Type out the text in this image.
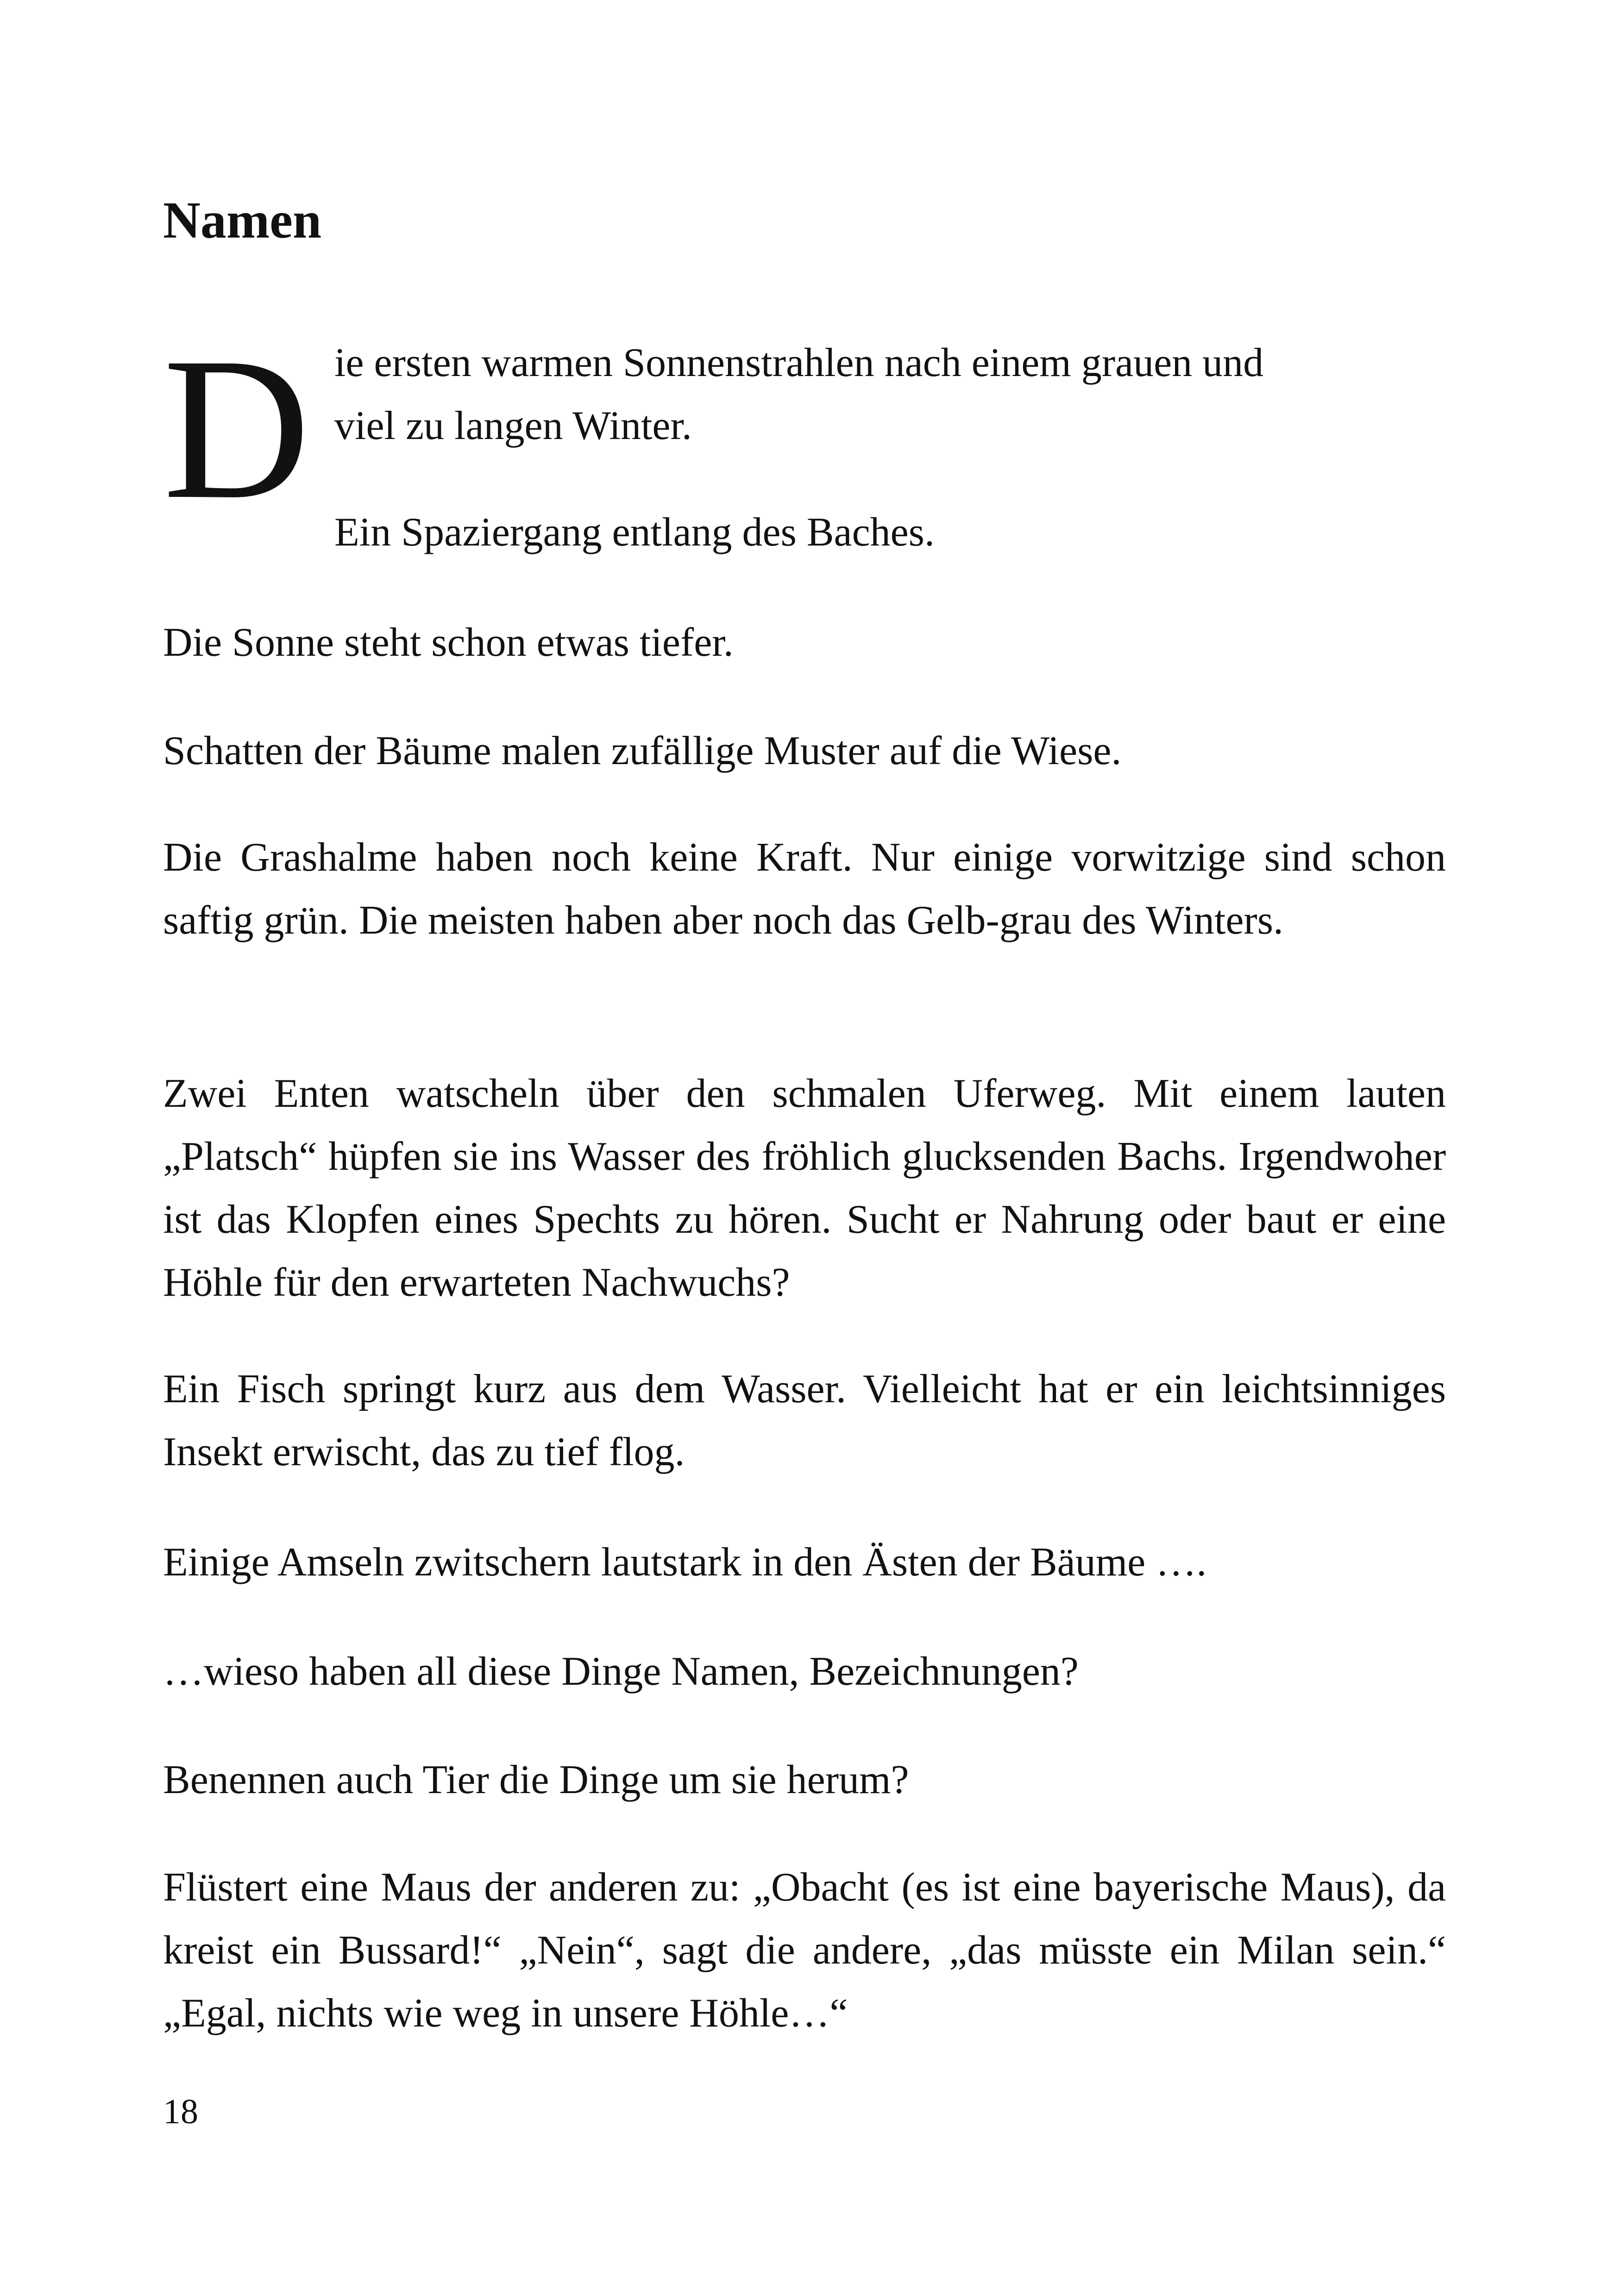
Namen
D ie ersten warmen Sonnenstrahlen nach einem grauen und

viel zu langen Winter.

Ein Spaziergang entlang des Baches.

Die Sonne steht schon etwas tiefer.

Schatten der Bäume malen zufällige Muster auf die Wiese.

Die Grashalme haben noch keine Kraft. Nur einige vorwitzige sind schon saftig grün. Die meisten haben aber noch das Gelb-grau des Winters.

Zwei Enten watscheln über den schmalen Uferweg. Mit einem lauten „Platsch“ hüpfen sie ins Wasser des fröhlich glucksenden Bachs. Irgendwoher ist das Klopfen eines Spechts zu hören. Sucht er Nahrung oder baut er eine Höhle für den erwarteten Nachwuchs?

Ein Fisch springt kurz aus dem Wasser. Vielleicht hat er ein leichtsinniges Insekt erwischt, das zu tief flog.

Einige Amseln zwitschern lautstark in den Ästen der Bäume ….

…wieso haben all diese Dinge Namen, Bezeichnungen?

Benennen auch Tier die Dinge um sie herum?

Flüstert eine Maus der anderen zu: „Obacht (es ist eine bayerische Maus), da kreist ein Bussard!“ „Nein“, sagt die andere, „das müsste ein Milan sein.“ „Egal, nichts wie weg in unsere Höhle…“

18
